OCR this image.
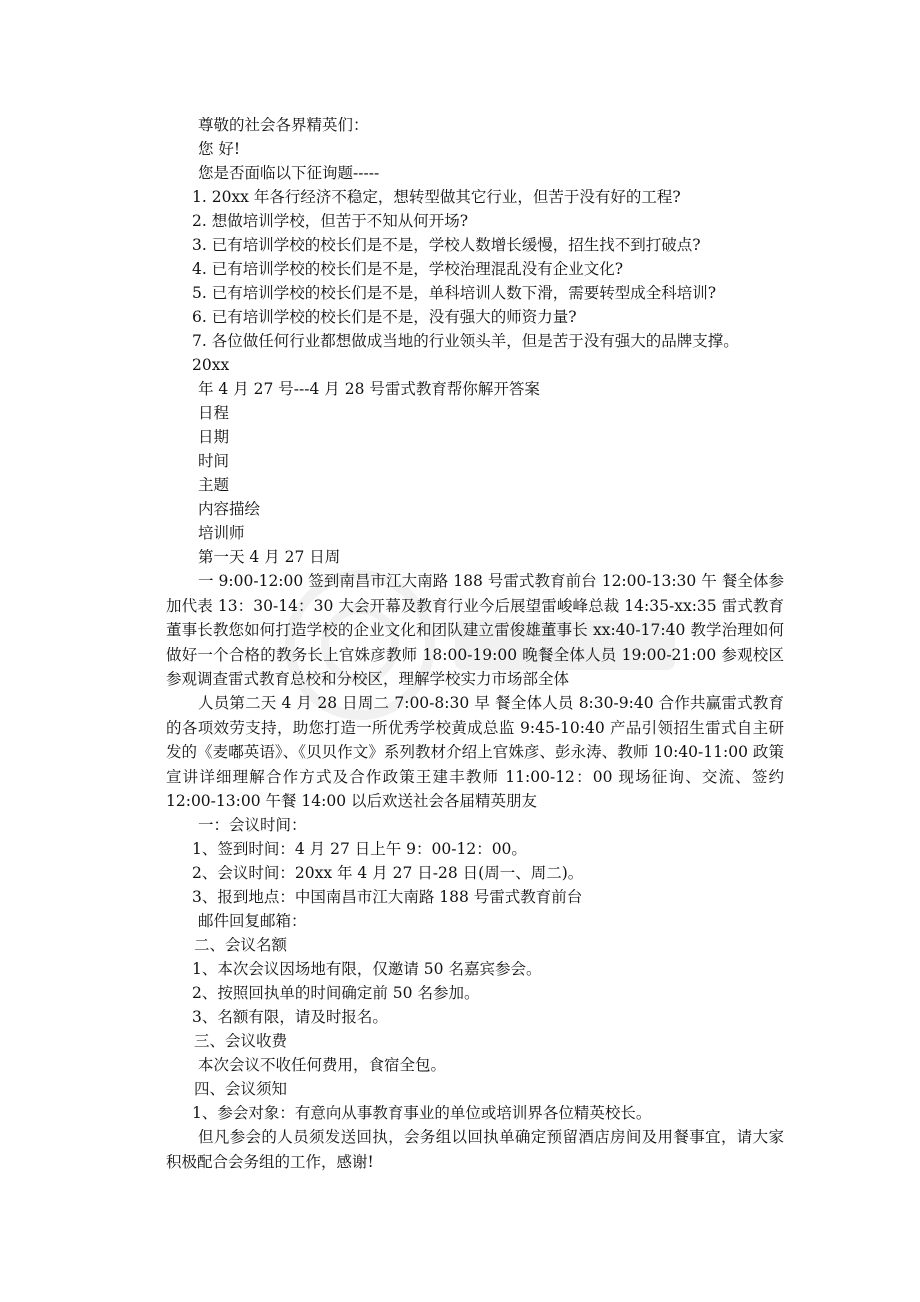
尊敬的社会各界精英们：
您 好!
您是否面临以下征询题-----
1. 20xx 年各行经济不稳定，想转型做其它行业，但苦于没有好的工程?
2. 想做培训学校，但苦于不知从何开场?
3. 已有培训学校的校长们是不是，学校人数增长缓慢，招生找不到打破点?
4. 已有培训学校的校长们是不是，学校治理混乱没有企业文化?
5. 已有培训学校的校长们是不是，单科培训人数下滑，需要转型成全科培训?
6. 已有培训学校的校长们是不是，没有强大的师资力量?
7. 各位做任何行业都想做成当地的行业领头羊，但是苦于没有强大的品牌支撑。
20xx
年 4 月 27 号---4 月 28 号雷式教育帮你解开答案
日程
日期
时间
主题
内容描绘
培训师
第一天 4 月 27 日周
一 9:00-12:00 签到南昌市江大南路 188 号雷式教育前台 12:00-13:30 午 餐全体参加代表 13：30-14：30 大会开幕及教育行业今后展望雷峻峰总裁 14:35-xx:35 雷式教育董事长教您如何打造学校的企业文化和团队建立雷俊雄董事长 xx:40-17:40 教学治理如何做好一个合格的教务长上官姝彦教师 18:00-19:00 晚餐全体人员 19:00-21:00 参观校区参观调查雷式教育总校和分校区，理解学校实力市场部全体
人员第二天 4 月 28 日周二 7:00-8:30 早 餐全体人员 8:30-9:40 合作共赢雷式教育的各项效劳支持，助您打造一所优秀学校黄成总监 9:45-10:40 产品引领招生雷式自主研发的《麦嘟英语》、《贝贝作文》系列教材介绍上官姝彦、彭永涛、教师 10:40-11:00 政策宣讲详细理解合作方式及合作政策王建丰教师 11:00-12：00 现场征询、交流、签约 12:00-13:00 午餐 14:00 以后欢送社会各届精英朋友
一：会议时间：
1、签到时间：4 月 27 日上午 9：00-12：00。
2、会议时间：20xx 年 4 月 27 日-28 日(周一、周二)。
3、报到地点：中国南昌市江大南路 188 号雷式教育前台
邮件回复邮箱：
二、会议名额
1、本次会议因场地有限，仅邀请 50 名嘉宾参会。
2、按照回执单的时间确定前 50 名参加。
3、名额有限，请及时报名。
三、会议收费
本次会议不收任何费用，食宿全包。
四、会议须知
1、参会对象：有意向从事教育事业的单位或培训界各位精英校长。
但凡参会的人员须发送回执，会务组以回执单确定预留酒店房间及用餐事宜，请大家积极配合会务组的工作，感谢!
